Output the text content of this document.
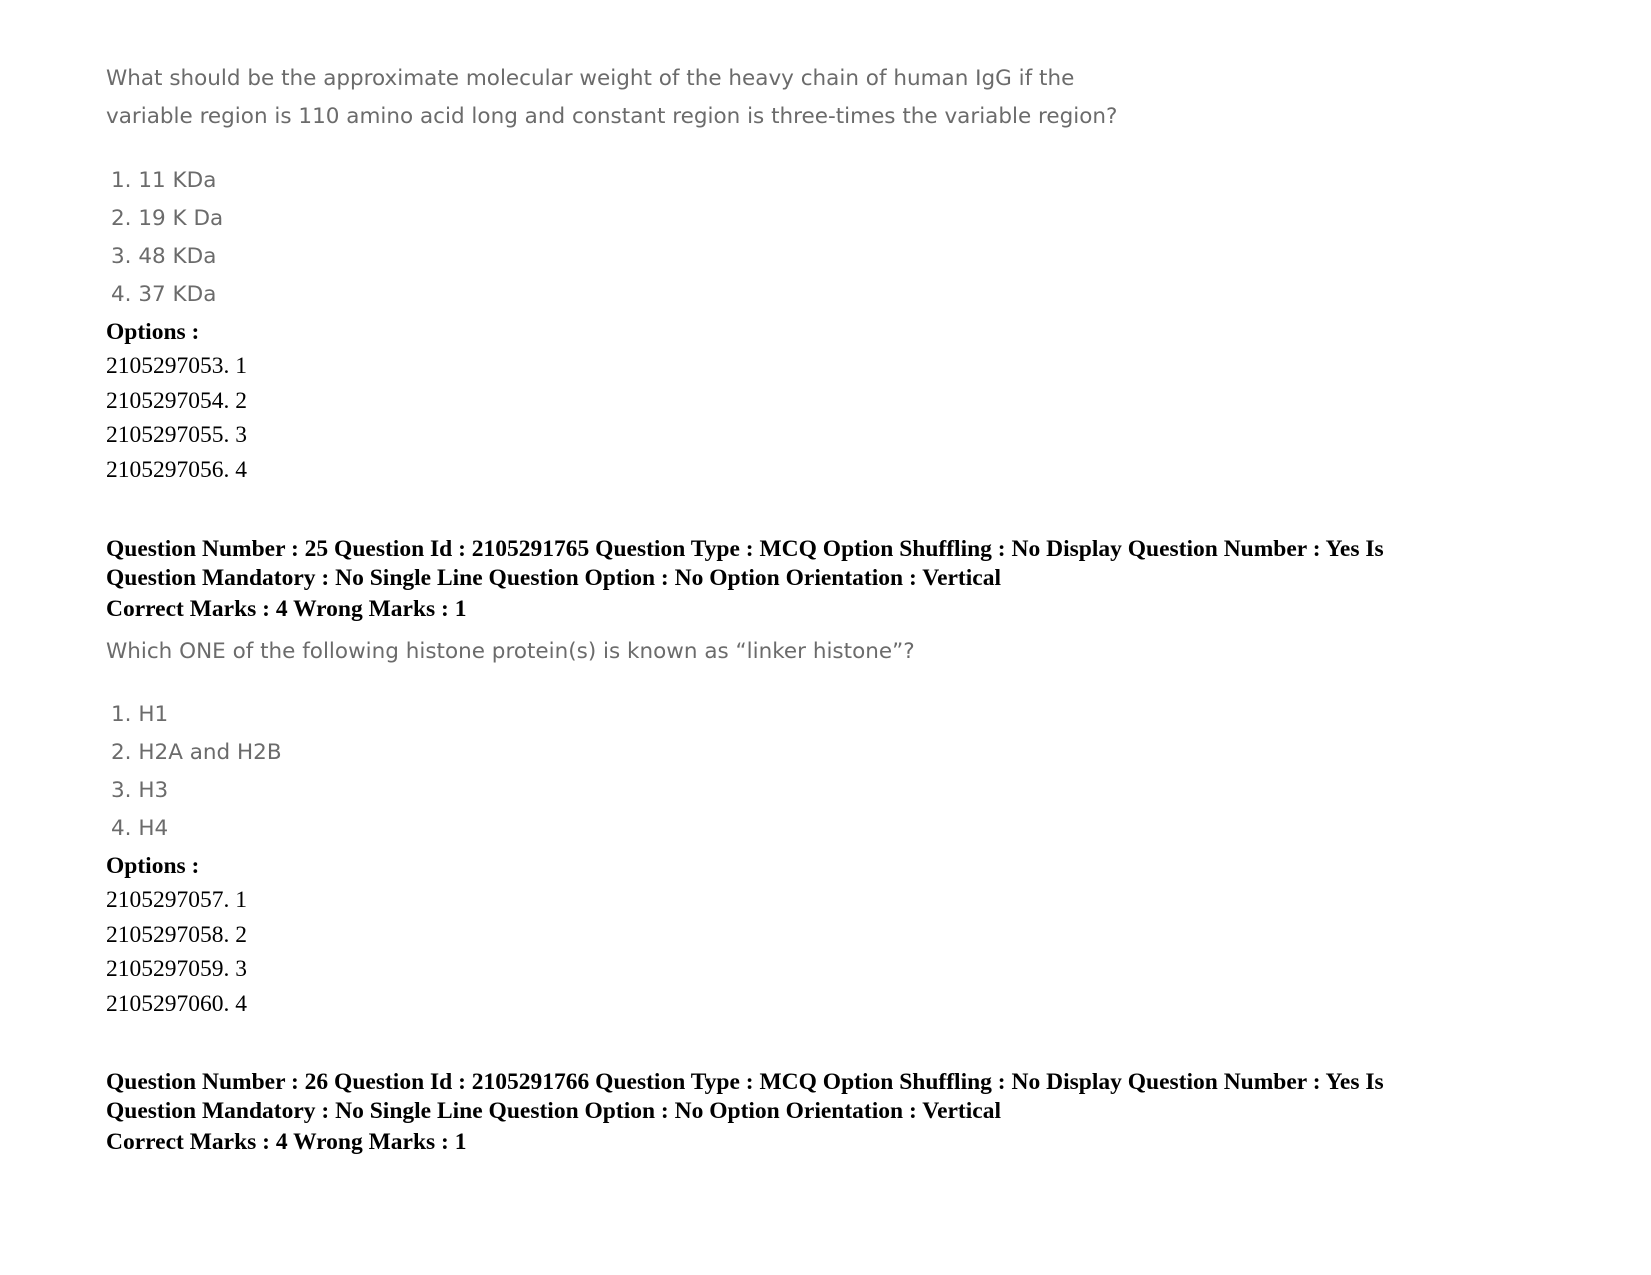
What should be the approximate molecular weight of the heavy chain of human IgG if the
variable region is 110 amino acid long and constant region is three-times the variable region?
1. 11 KDa
2. 19 K Da
3. 48 KDa
4. 37 KDa
Options :
2105297053. 1
2105297054. 2
2105297055. 3
2105297056. 4
Question Number : 25 Question Id : 2105291765 Question Type : MCQ Option Shuffling : No Display Question Number : Yes Is
Question Mandatory : No Single Line Question Option : No Option Orientation : Vertical
Correct Marks : 4 Wrong Marks : 1
Which ONE of the following histone protein(s) is known as “linker histone”?
1. H1
2. H2A and H2B
3. H3
4. H4
Options :
2105297057. 1
2105297058. 2
2105297059. 3
2105297060. 4
Question Number : 26 Question Id : 2105291766 Question Type : MCQ Option Shuffling : No Display Question Number : Yes Is
Question Mandatory : No Single Line Question Option : No Option Orientation : Vertical
Correct Marks : 4 Wrong Marks : 1
